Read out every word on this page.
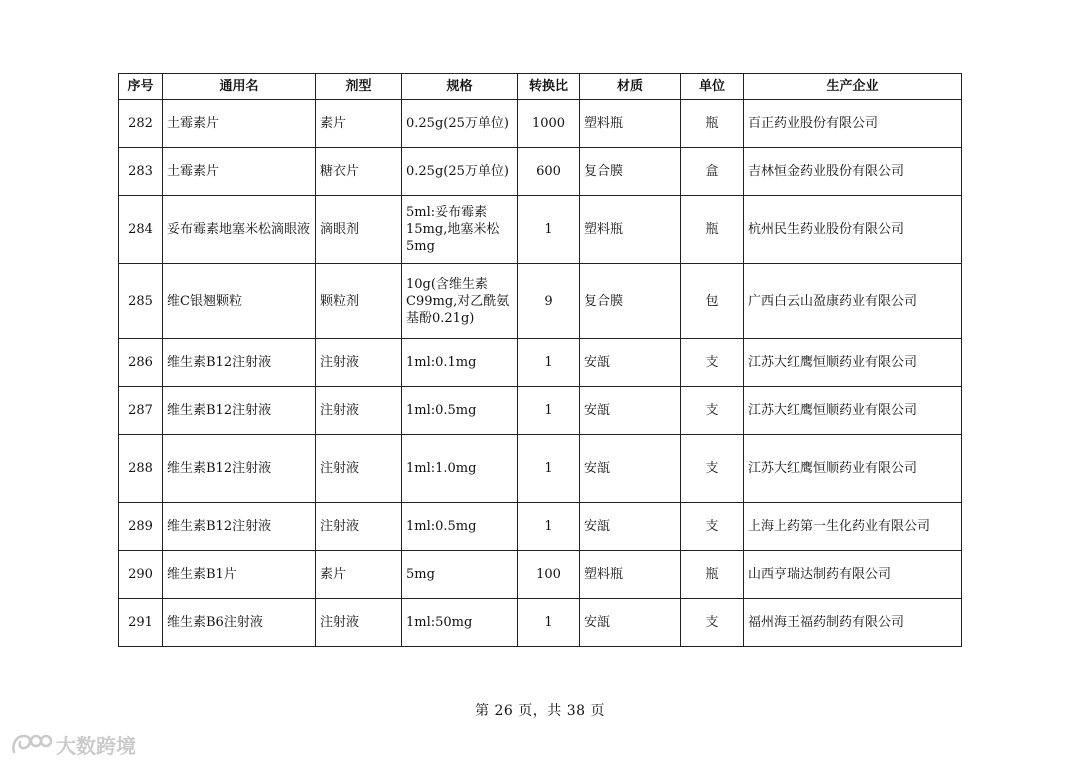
序号	通用名	剂型	规格	转换比	材质	单位	生产企业
282	土霉素片	素片	0.25g(25万单位)	1000	塑料瓶	瓶	百正药业股份有限公司
283	土霉素片	糖衣片	0.25g(25万单位)	600	复合膜	盒	吉林恒金药业股份有限公司
284	妥布霉素地塞米松滴眼液	滴眼剂	5ml:妥布霉素15mg,地塞米松5mg	1	塑料瓶	瓶	杭州民生药业股份有限公司
285	维C银翘颗粒	颗粒剂	10g(含维生素C99mg,对乙酰氨基酚0.21g)	9	复合膜	包	广西白云山盈康药业有限公司
286	维生素B12注射液	注射液	1ml:0.1mg	1	安瓿	支	江苏大红鹰恒顺药业有限公司
287	维生素B12注射液	注射液	1ml:0.5mg	1	安瓿	支	江苏大红鹰恒顺药业有限公司
288	维生素B12注射液	注射液	1ml:1.0mg	1	安瓿	支	江苏大红鹰恒顺药业有限公司
289	维生素B12注射液	注射液	1ml:0.5mg	1	安瓿	支	上海上药第一生化药业有限公司
290	维生素B1片	素片	5mg	100	塑料瓶	瓶	山西亨瑞达制药有限公司
291	维生素B6注射液	注射液	1ml:50mg	1	安瓿	支	福州海王福药制药有限公司
第 26 页，共 38 页
大数跨境
